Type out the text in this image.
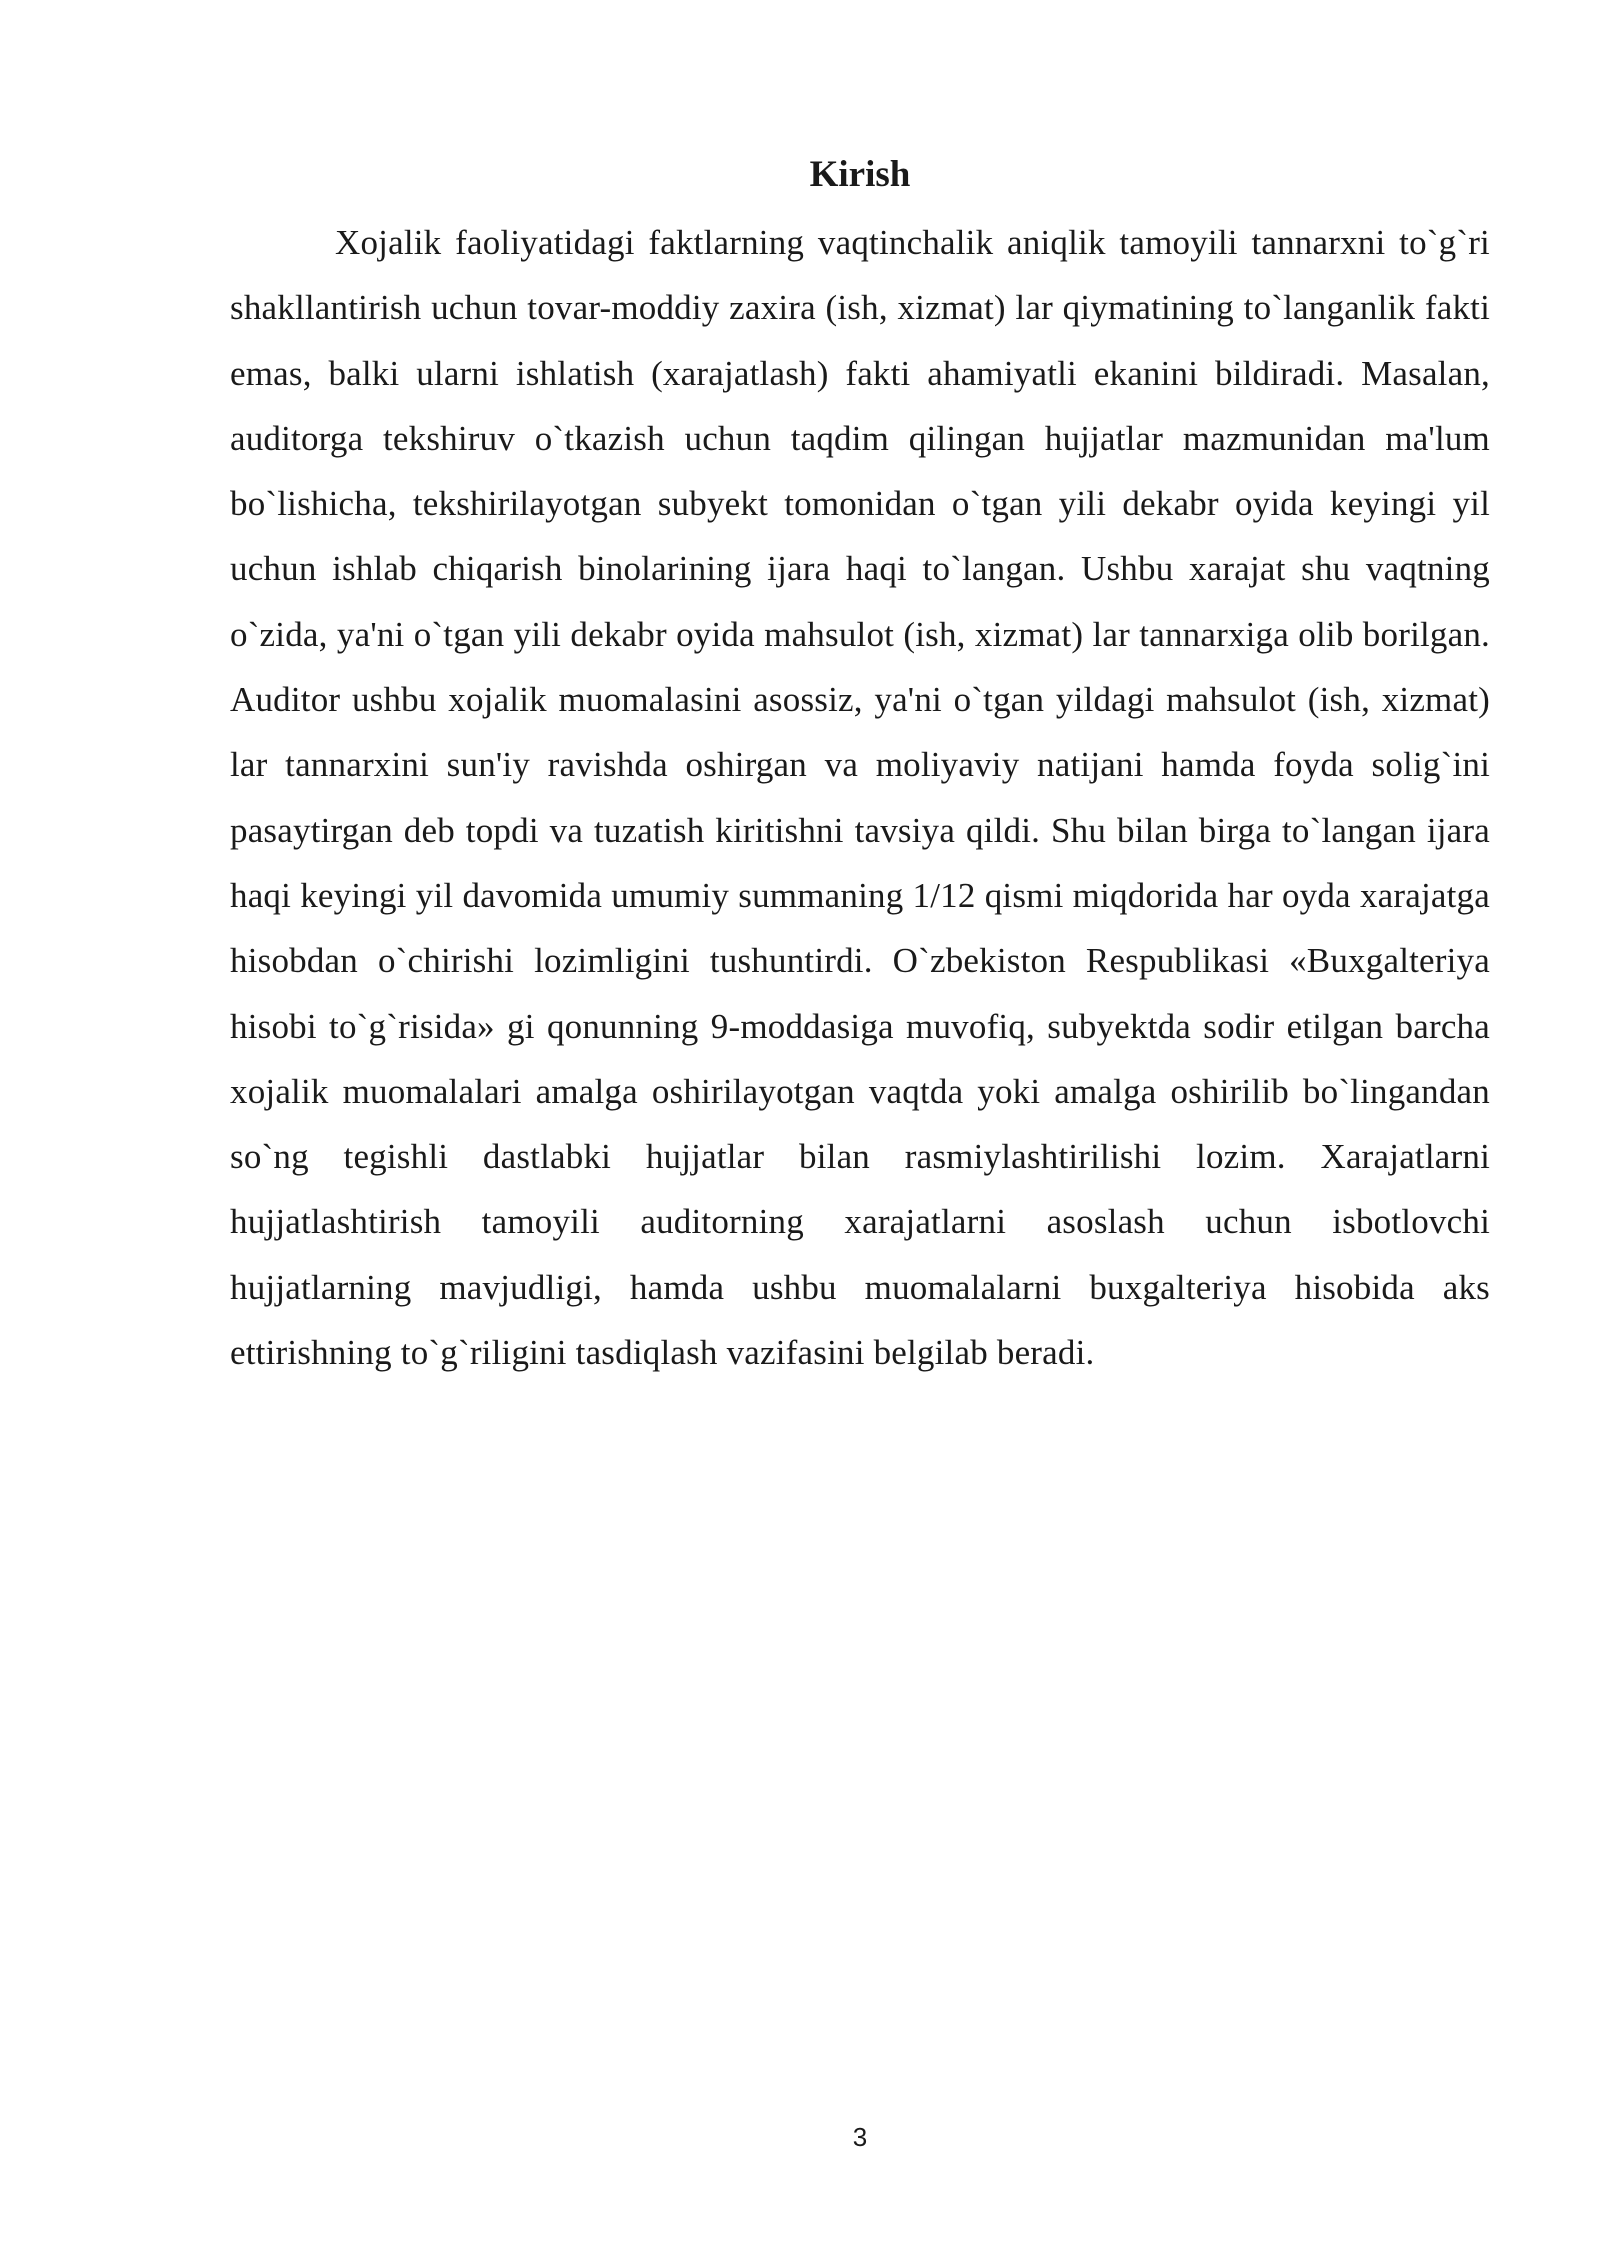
Kirish

Xojalik faoliyatidagi faktlarning vaqtinchalik aniqlik tamoyili tannarxni to`g`ri shakllantirish uchun tovar-moddiy zaxira (ish, xizmat) lar qiymatining to`langanlik fakti emas, balki ularni ishlatish (xarajatlash) fakti ahamiyatli ekanini bildiradi. Masalan, auditorga tekshiruv o`tkazish uchun taqdim qilingan hujjatlar mazmunidan ma'lum bo`lishicha, tekshirilayotgan subyekt tomonidan o`tgan yili dekabr oyida keyingi yil uchun ishlab chiqarish binolarining ijara haqi to`langan. Ushbu xarajat shu vaqtning o`zida, ya'ni o`tgan yili dekabr oyida mahsulot (ish, xizmat) lar tannarxiga olib borilgan. Auditor ushbu xojalik muomalasini asossiz, ya'ni o`tgan yildagi mahsulot (ish, xizmat) lar tannarxini sun'iy ravishda oshirgan va moliyaviy natijani hamda foyda solig`ini pasaytirgan deb topdi va tuzatish kiritishni tavsiya qildi. Shu bilan birga to`langan ijara haqi keyingi yil davomida umumiy summaning 1/12 qismi miqdorida har oyda xarajatga hisobdan o`chirishi lozimligini tushuntirdi. O`zbekiston Respublikasi «Buxgalteriya hisobi to`g`risida» gi qonunning 9-moddasiga muvofiq, subyektda sodir etilgan barcha xojalik muomalalari amalga oshirilayotgan vaqtda yoki amalga oshirilib bo`lingandan so`ng tegishli dastlabki hujjatlar bilan rasmiylashtirilishi lozim. Xarajatlarni hujjatlashtirish tamoyili auditorning xarajatlarni asoslash uchun isbotlovchi hujjatlarning mavjudligi, hamda ushbu muomalalarni buxgalteriya hisobida aks ettirishning to`g`riligini tasdiqlash vazifasini belgilab beradi.

3
